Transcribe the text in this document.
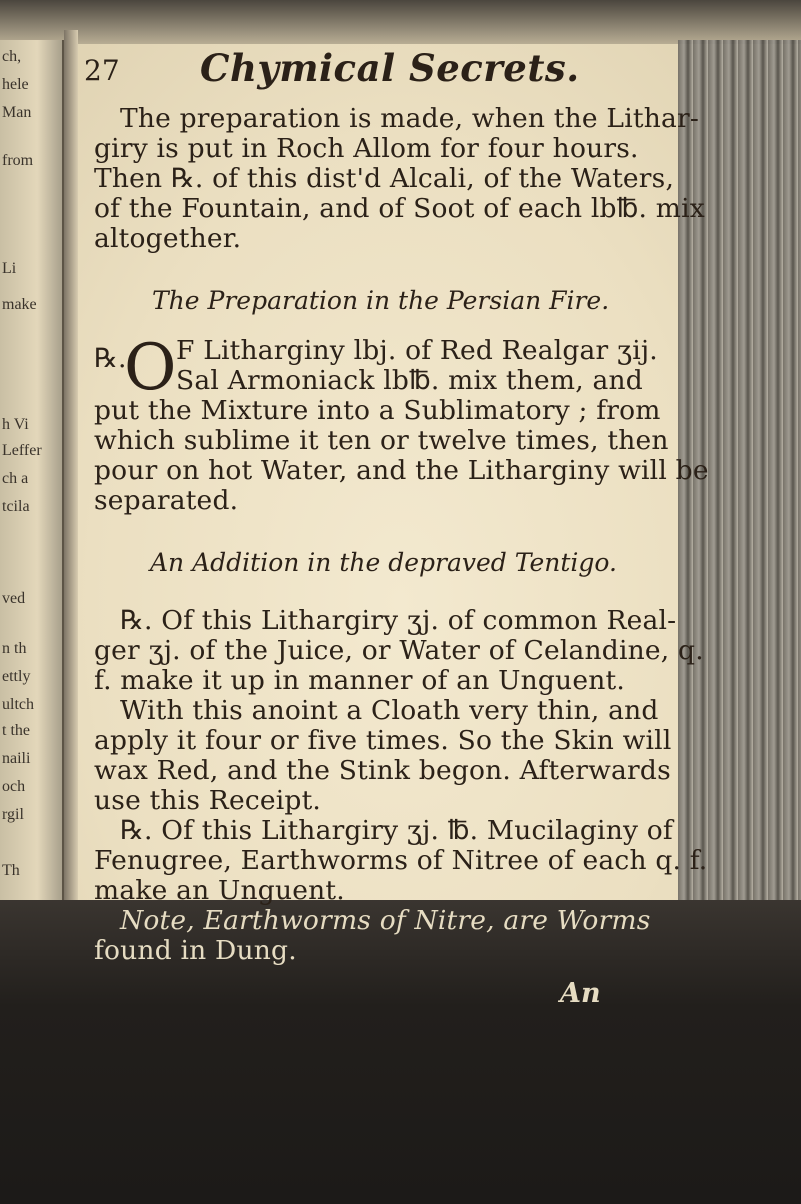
ch,
hele
Man
from
Li
make
h Vi
Leffer
ch a
tcila
ved
n th
ettly
ultch
t the
naili
och
rgil
Th
27 Chymical Secrets.
The preparation is made, when the Lithar-
giry is put in Roch Allom for four hours.
Then ℞. of this dist'd Alcali, of the Waters,
of the Fountain, and of Soot of each lb℔. mix
altogether.
The Preparation in the Persian Fire.
℞.
O F Litharginy lbj. of Red Realgar ʒij.
Sal Armoniack lb℔. mix them, and
put the Mixture into a Sublimatory ; from
which sublime it ten or twelve times, then
pour on hot Water, and the Litharginy will be
separated.
An Addition in the depraved Tentigo.
℞. Of this Lithargiry ʒj. of common Real-
ger ʒj. of the Juice, or Water of Celandine, q.
f. make it up in manner of an Unguent.
With this anoint a Cloath very thin, and
apply it four or five times. So the Skin will
wax Red, and the Stink begon. Afterwards
use this Receipt.
℞. Of this Lithargiry ʒj. ℔. Mucilaginy of
Fenugree, Earthworms of Nitree of each q. f.
make an Unguent.
Note, Earthworms of Nitre, are Worms
found in Dung.
An
